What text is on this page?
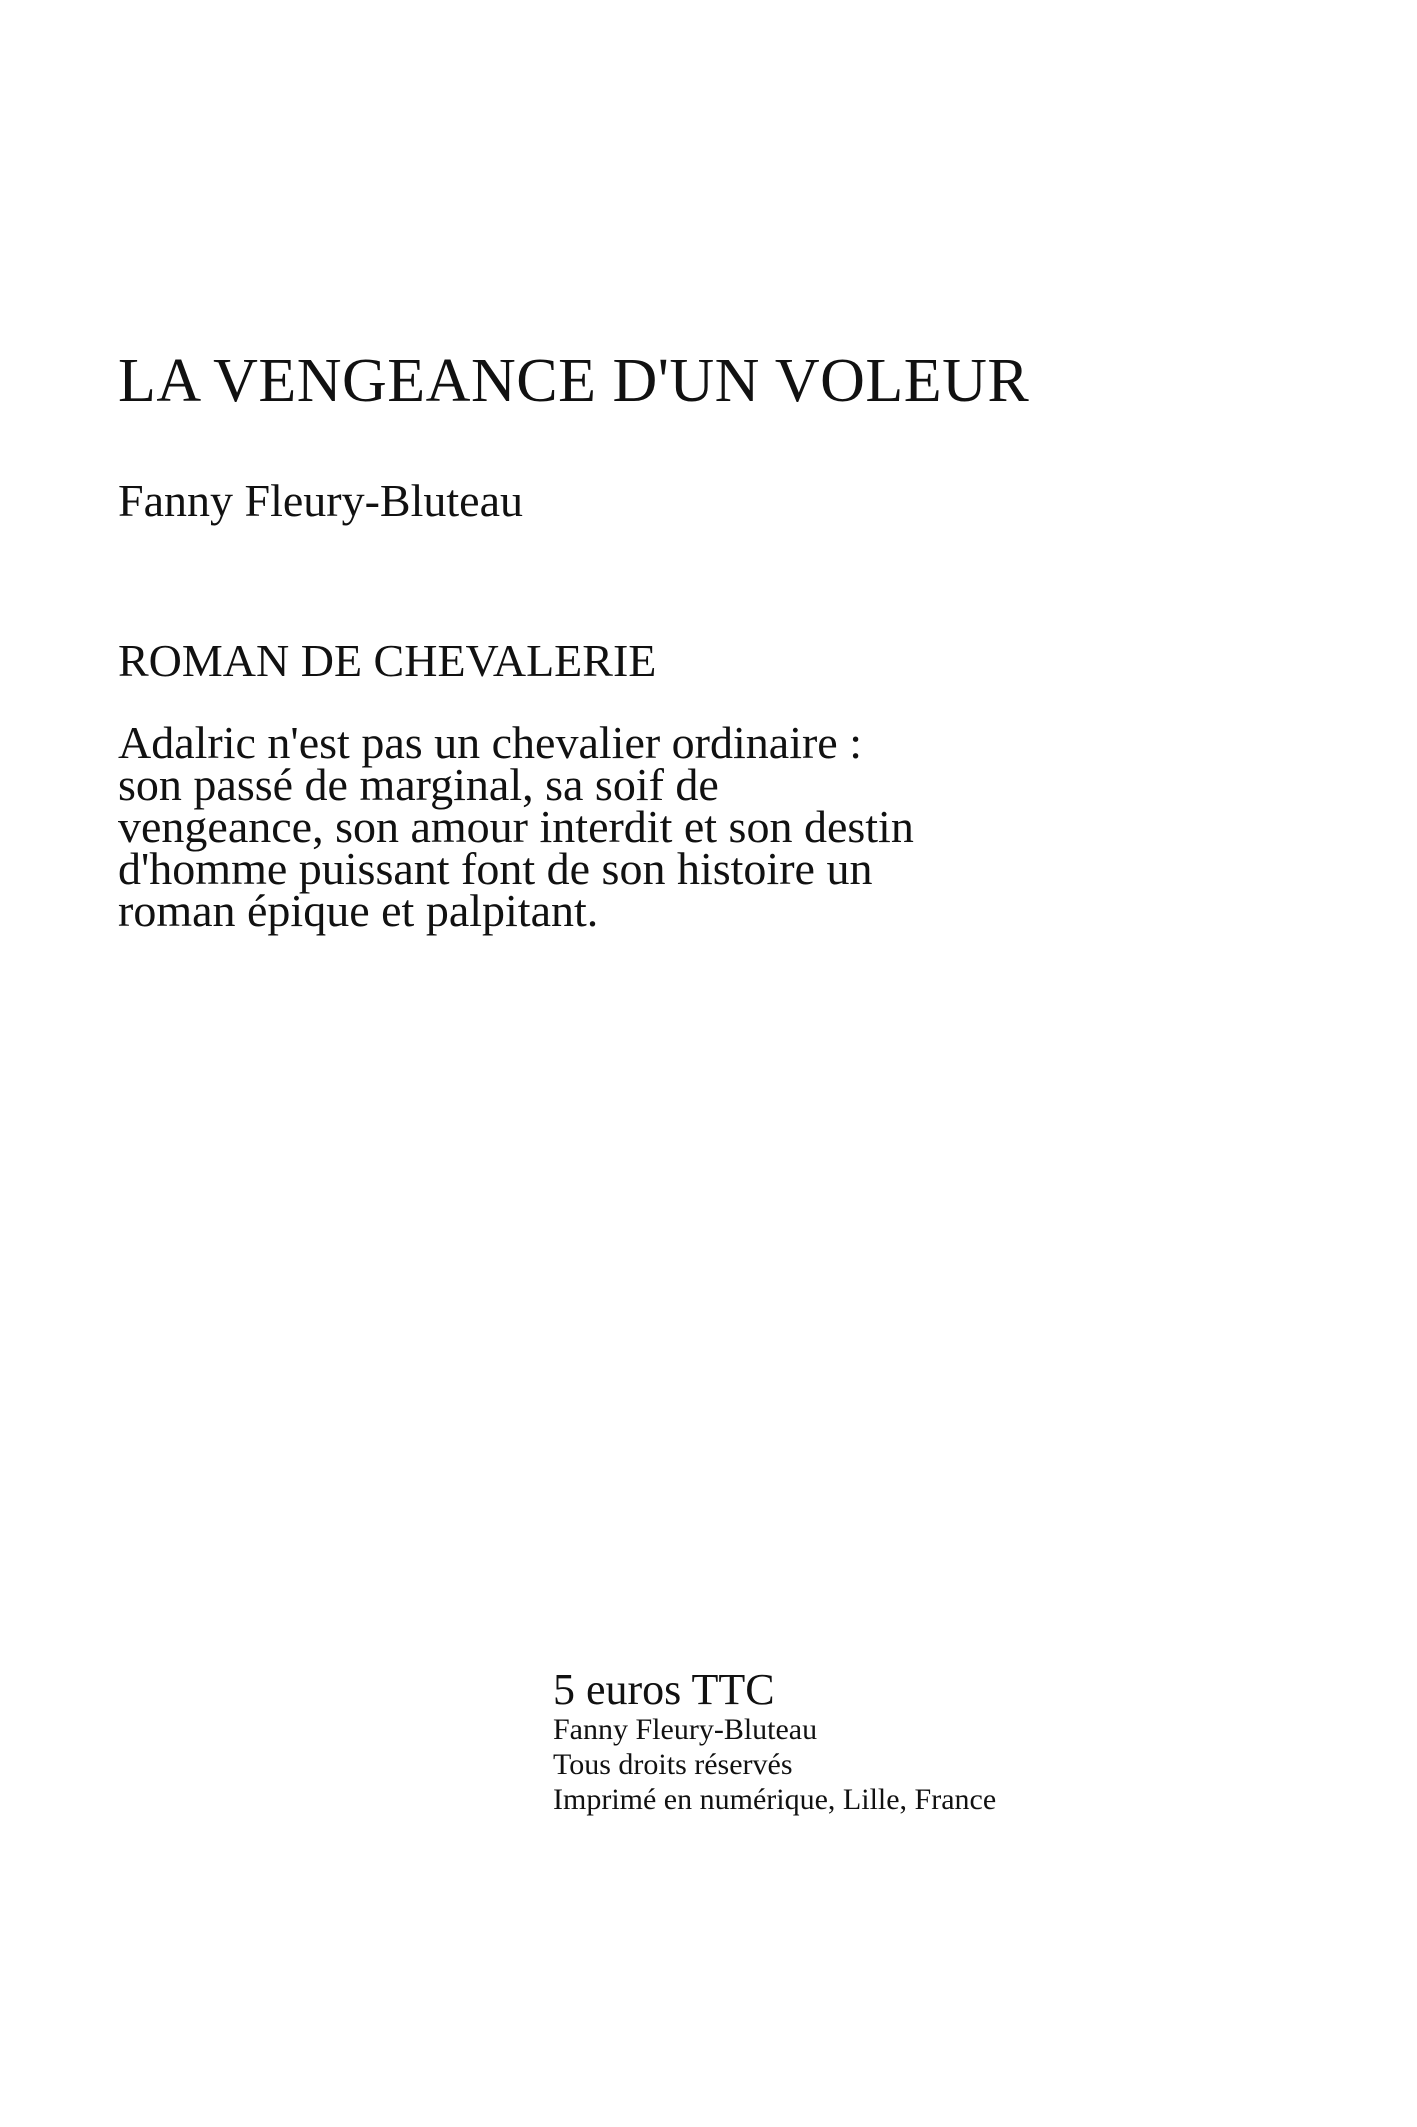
LA VENGEANCE D'UN VOLEUR

Fanny Fleury-Bluteau

ROMAN DE CHEVALERIE

Adalric n'est pas un chevalier ordinaire :
son passé de marginal, sa soif de
vengeance, son amour interdit et son destin
d'homme puissant font de son histoire un
roman épique et palpitant.
5 euros TTC
Fanny Fleury-Bluteau
Tous droits réservés
Imprimé en numérique, Lille, France
